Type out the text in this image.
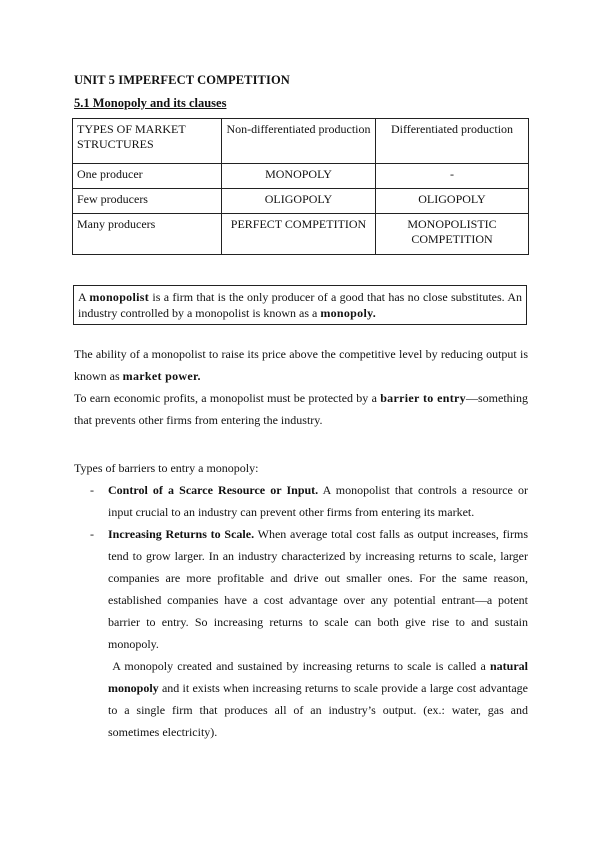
UNIT 5 IMPERFECT COMPETITION
5.1 Monopoly and its clauses
TYPES OF MARKET STRUCTURES	Non-differentiated production	Differentiated production
One producer	MONOPOLY	-
Few producers	OLIGOPOLY	OLIGOPOLY
Many producers	PERFECT COMPETITION	MONOPOLISTIC COMPETITION
A monopolist is a firm that is the only producer of a good that has no close substitutes. An industry controlled by a monopolist is known as a monopoly.
The ability of a monopolist to raise its price above the competitive level by reducing output is known as market power.
To earn economic profits, a monopolist must be protected by a barrier to entry—something that prevents other firms from entering the industry.
Types of barriers to entry a monopoly:
- Control of a Scarce Resource or Input. A monopolist that controls a resource or input crucial to an industry can prevent other firms from entering its market.
- Increasing Returns to Scale. When average total cost falls as output increases, firms tend to grow larger. In an industry characterized by increasing returns to scale, larger companies are more profitable and drive out smaller ones. For the same reason, established companies have a cost advantage over any potential entrant—a potent barrier to entry. So increasing returns to scale can both give rise to and sustain monopoly.
A monopoly created and sustained by increasing returns to scale is called a natural monopoly and it exists when increasing returns to scale provide a large cost advantage to a single firm that produces all of an industry’s output. (ex.: water, gas and sometimes electricity).
